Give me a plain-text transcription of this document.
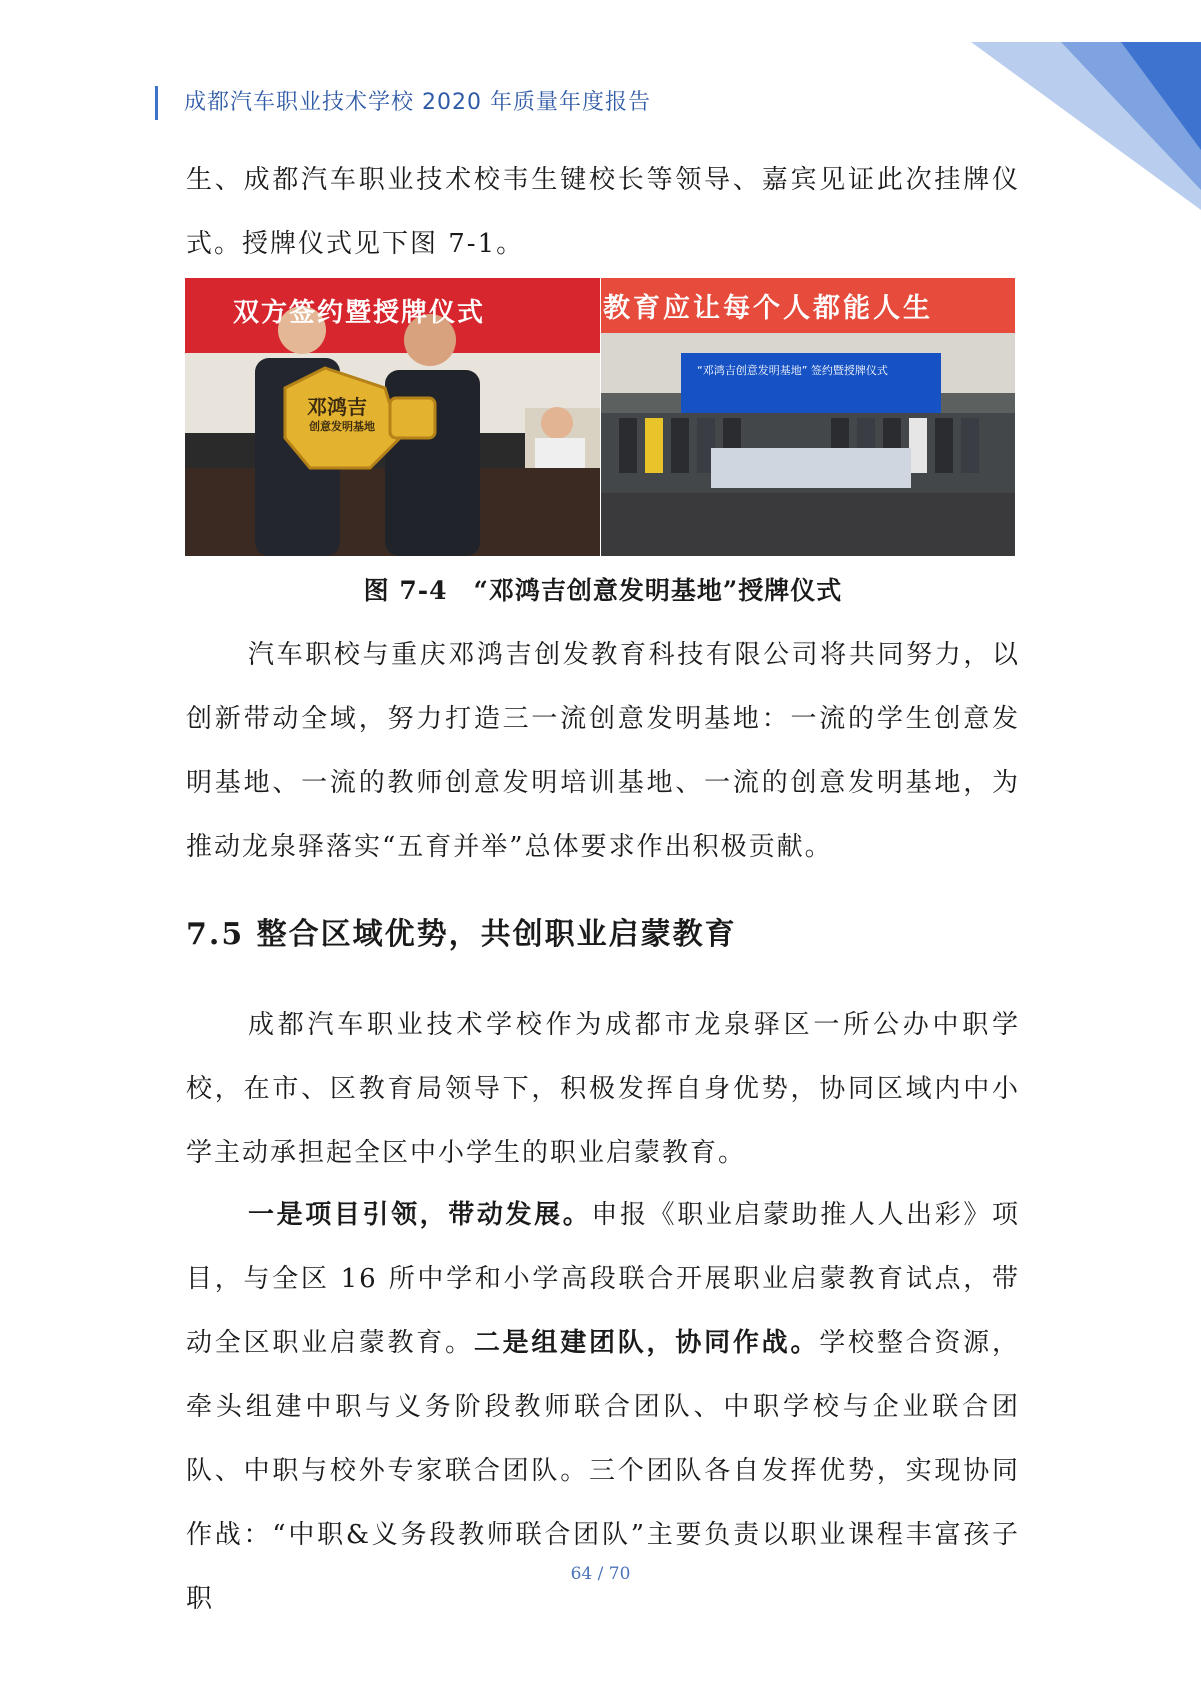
成都汽车职业技术学校 2020 年质量年度报告
生、成都汽车职业技术校韦生键校长等领导、嘉宾见证此次挂牌仪式。授牌仪式见下图 7-1。
双方签约暨授牌仪式
邓鸿吉
创意发明基地
教育应让每个人都能人生
“邓鸿吉创意发明基地” 签约暨授牌仪式
图 7-4　“邓鸿吉创意发明基地”授牌仪式
汽车职校与重庆邓鸿吉创发教育科技有限公司将共同努力，以创新带动全域，努力打造三一流创意发明基地：一流的学生创意发明基地、一流的教师创意发明培训基地、一流的创意发明基地，为推动龙泉驿落实“五育并举”总体要求作出积极贡献。
7.5 整合区域优势，共创职业启蒙教育
成都汽车职业技术学校作为成都市龙泉驿区一所公办中职学校，在市、区教育局领导下，积极发挥自身优势，协同区域内中小学主动承担起全区中小学生的职业启蒙教育。
一是项目引领，带动发展。申报《职业启蒙助推人人出彩》项目，与全区 16 所中学和小学高段联合开展职业启蒙教育试点，带动全区职业启蒙教育。二是组建团队，协同作战。学校整合资源，牵头组建中职与义务阶段教师联合团队、中职学校与企业联合团队、中职与校外专家联合团队。三个团队各自发挥优势，实现协同作战：“中职&义务段教师联合团队”主要负责以职业课程丰富孩子职
64 / 70
